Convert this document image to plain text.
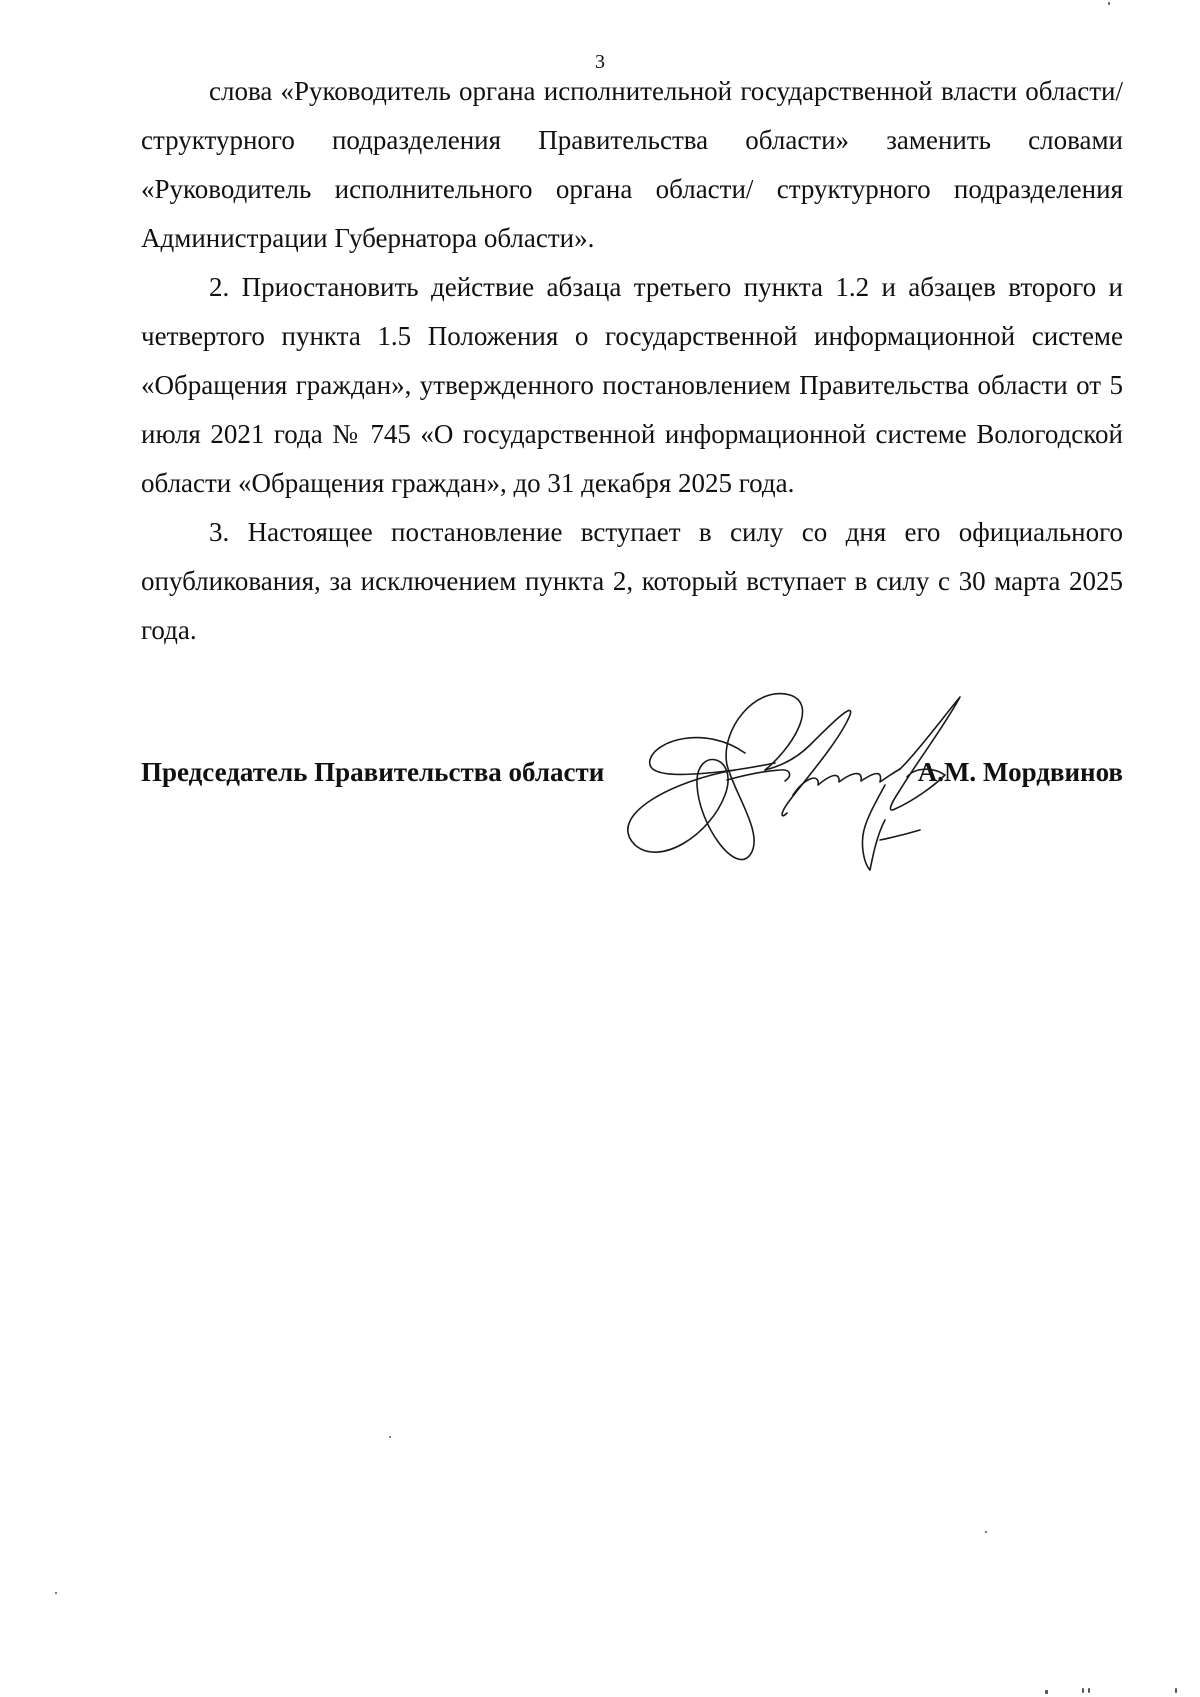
3

слова «Руководитель органа исполнительной государственной власти области/ структурного подразделения Правительства области» заменить словами «Руководитель исполнительного органа области/ структурного подразделения Администрации Губернатора области».

2. Приостановить действие абзаца третьего пункта 1.2 и абзацев второго и четвертого пункта 1.5 Положения о государственной информационной системе «Обращения граждан», утвержденного постановлением Правительства области от 5 июля 2021 года № 745 «О государственной информационной системе Вологодской области «Обращения граждан», до 31 декабря 2025 года.

3. Настоящее постановление вступает в силу со дня его официального опубликования, за исключением пункта 2, который вступает в силу с 30 марта 2025 года.

Председатель Правительства области	А.М. Мордвинов
